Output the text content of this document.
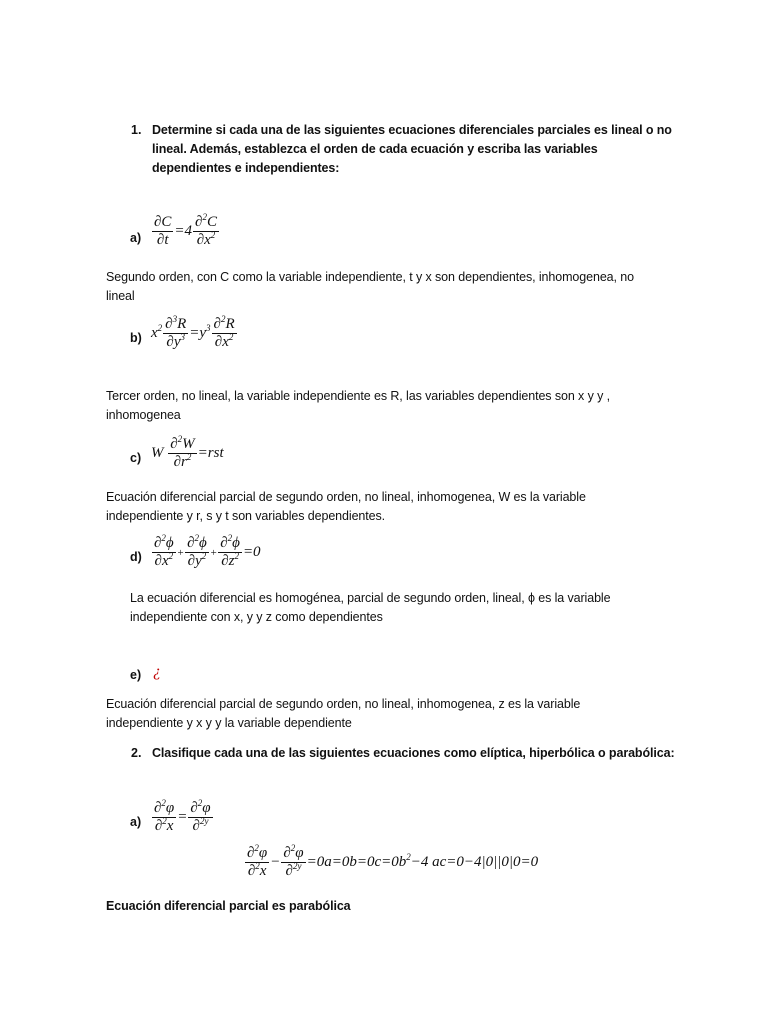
1. Determine si cada una de las siguientes ecuaciones diferenciales parciales es lineal o no
lineal. Además, establezca el orden de cada ecuación y escriba las variables
dependientes e independientes:
$a) \frac{\partial C}{\partial t} =4 \frac{\partial^2C}{\partial x^2}$
Segundo orden, con C como la variable independiente, t y x son dependientes, inhomogenea, no
lineal
b) $x^2 \frac{\partial^3R}{\partial y^3} =y^3 \frac{\partial^2R}{\partial x^2}$
Tercer orden, no lineal, la variable independiente es R, las variables dependientes son x y y ,
inhomogenea
c) W $\frac{\partial^2W}{\partial r^2} =rst$
Ecuación diferencial parcial de segundo orden, no lineal, inhomogenea, W es la variable
independiente y r, s y t son variables dependientes.
$d) \frac{\partial^2\phi}{\partial x^2} + \frac{\partial^2\phi}{\partial y^2} + \frac{\partial^2\phi}{\partial z^2} =0$
La ecuación diferencial es homogénea, parcial de segundo orden, lineal, ϕ es la variable
independiente con x, y y z como dependientes
e) ¿
Ecuación diferencial parcial de segundo orden, no lineal, inhomogenea, z es la variable
independiente y x y y la variable dependiente
2. Clasifique cada una de las siguientes ecuaciones como elíptica, hiperbólica o parabólica:
$a) \frac{\partial^2\varphi}{\partial^2x} = \frac{\partial^2\varphi}{\partial^{2y}}$
$\frac{\partial^2\varphi}{\partial^2x} - \frac{\partial^2\varphi}{\partial^{2y}} =0a=0b=0c=0b^2-4$ ac=0−4|0||0|0=0
Ecuación diferencial parcial es parabólica
